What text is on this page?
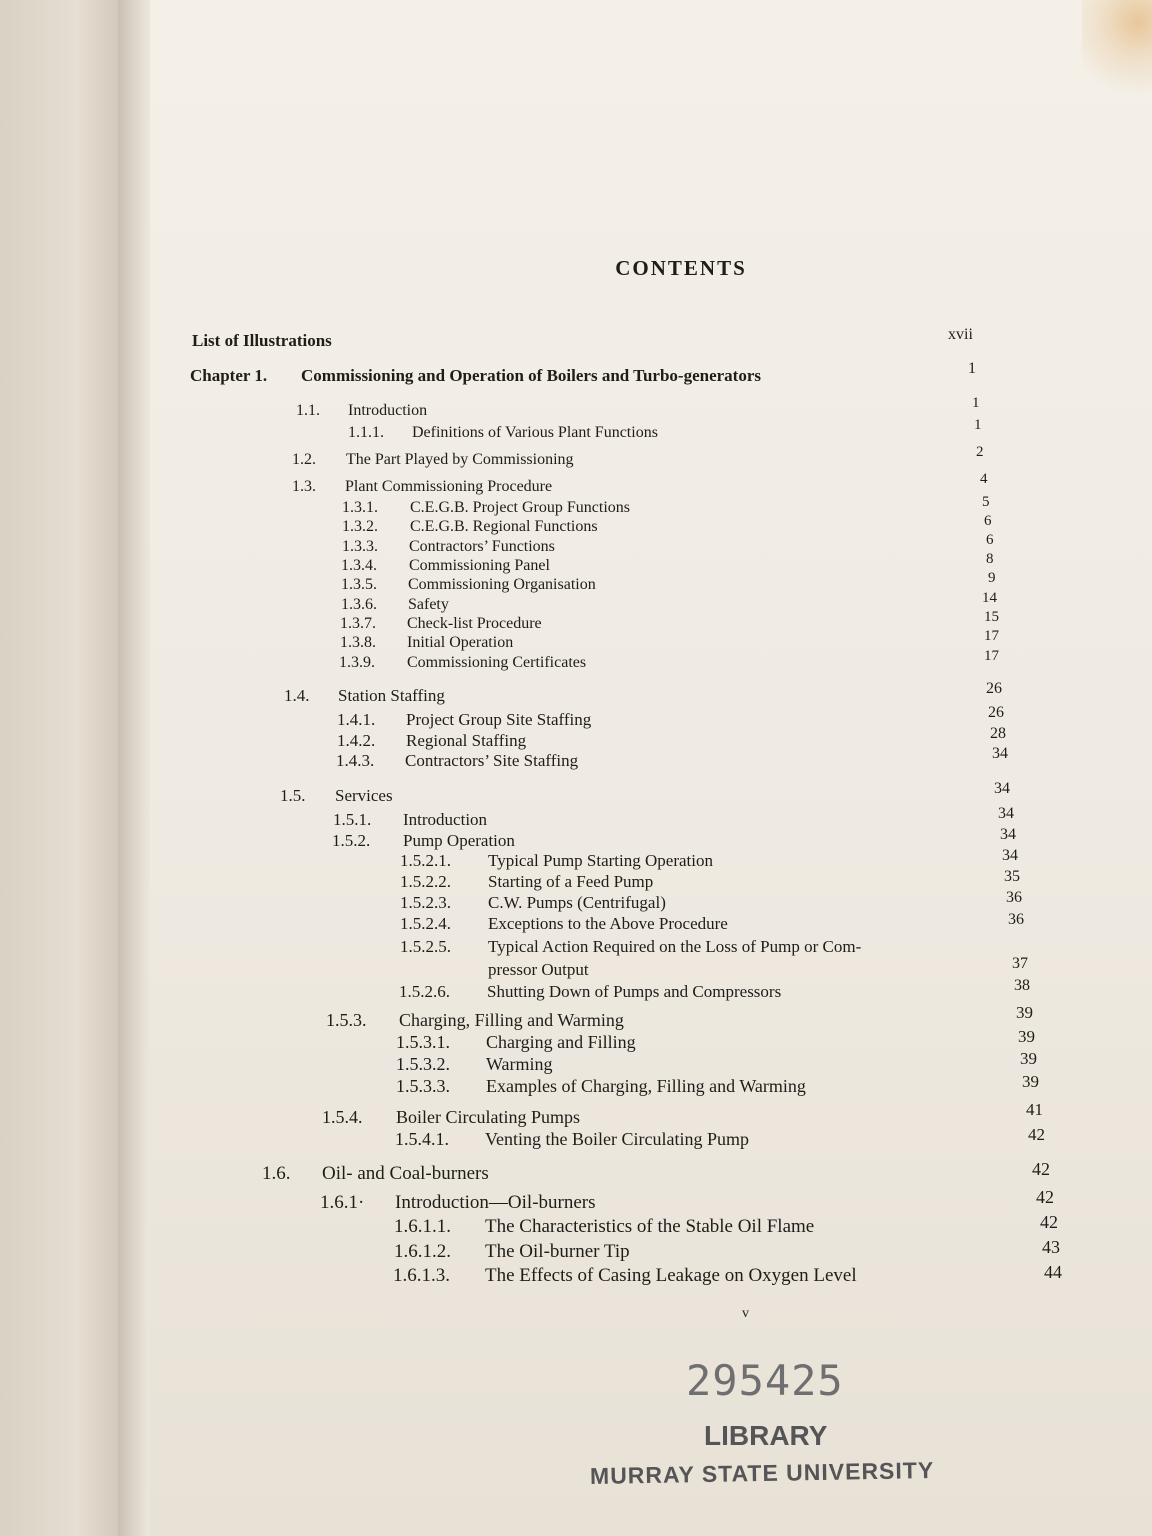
CONTENTS
List of Illustrations	xvii
Chapter 1. Commissioning and Operation of Boilers and Turbo-generators	1
1.1. Introduction	1
1.1.1. Definitions of Various Plant Functions	1
1.2. The Part Played by Commissioning	2
1.3. Plant Commissioning Procedure	4
1.3.1. C.E.G.B. Project Group Functions	5
1.3.2. C.E.G.B. Regional Functions	6
1.3.3. Contractors’ Functions	6
1.3.4. Commissioning Panel	8
1.3.5. Commissioning Organisation	9
1.3.6. Safety	14
1.3.7. Check-list Procedure	15
1.3.8. Initial Operation	17
1.3.9. Commissioning Certificates	17
1.4. Station Staffing	26
1.4.1. Project Group Site Staffing	26
1.4.2. Regional Staffing	28
1.4.3. Contractors’ Site Staffing	34
1.5. Services	34
1.5.1. Introduction	34
1.5.2. Pump Operation	34
1.5.2.1. Typical Pump Starting Operation	34
1.5.2.2. Starting of a Feed Pump	35
1.5.2.3. C.W. Pumps (Centrifugal)	36
1.5.2.4. Exceptions to the Above Procedure	36
1.5.2.5. Typical Action Required on the Loss of Pump or Com-
pressor Output	37
1.5.2.6. Shutting Down of Pumps and Compressors	38
1.5.3. Charging, Filling and Warming	39
1.5.3.1. Charging and Filling	39
1.5.3.2. Warming	39
1.5.3.3. Examples of Charging, Filling and Warming	39
1.5.4. Boiler Circulating Pumps	41
1.5.4.1. Venting the Boiler Circulating Pump	42
1.6. Oil- and Coal-burners	42
1.6.1· Introduction—Oil-burners	42
1.6.1.1. The Characteristics of the Stable Oil Flame	42
1.6.1.2. The Oil-burner Tip	43
1.6.1.3. The Effects of Casing Leakage on Oxygen Level	44
v
295425
LIBRARY
MURRAY STATE UNIVERSITY
